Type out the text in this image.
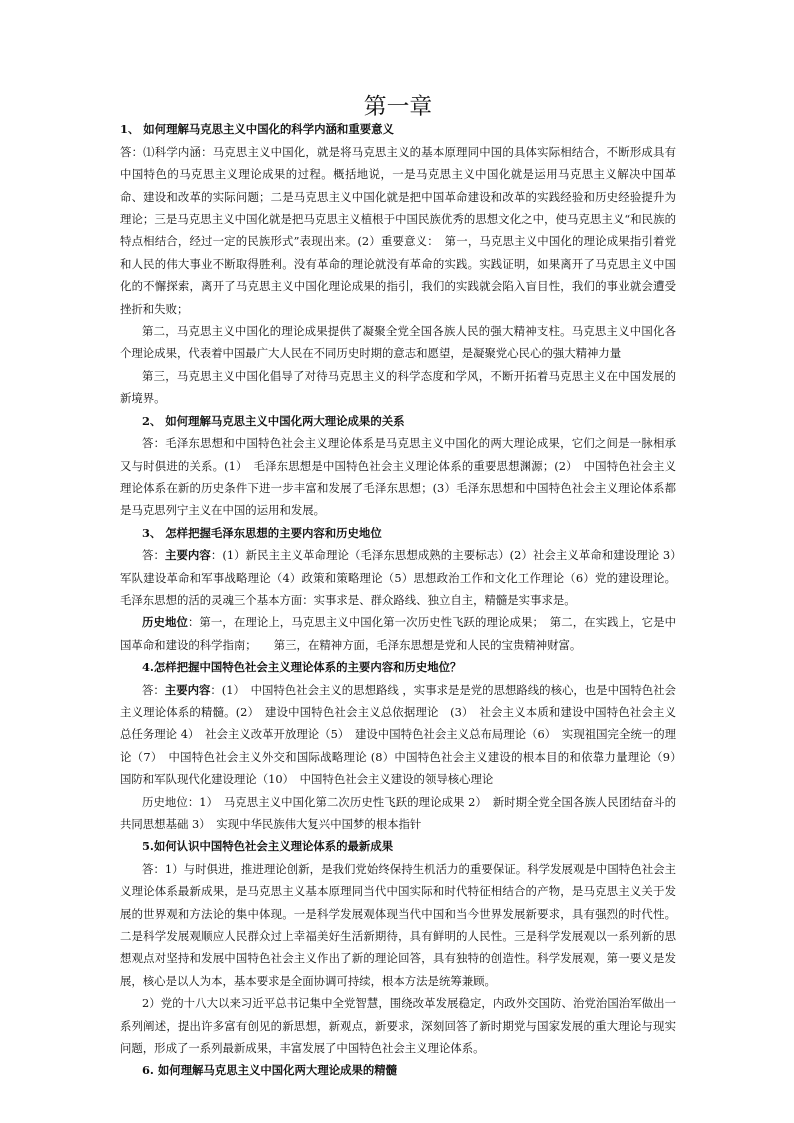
第一章
1、 如何理解马克思主义中国化的科学内涵和重要意义

答：⑴科学内涵：马克思主义中国化，就是将马克思主义的基本原理同中国的具体实际相结合，不断形成具有中国特色的马克思主义理论成果的过程。概括地说，一是马克思主义中国化就是运用马克思主义解决中国革命、建设和改革的实际问题；二是马克思主义中国化就是把中国革命建设和改革的实践经验和历史经验提升为理论；三是马克思主义中国化就是把马克思主义植根于中国民族优秀的思想文化之中，使马克思主义“和民族的特点相结合，经过一定的民族形式”表现出来。(2）重要意义：　第一，马克思主义中国化的理论成果指引着党和人民的伟大事业不断取得胜利。没有革命的理论就没有革命的实践。实践证明，如果离开了马克思主义中国化的不懈探索，离开了马克思主义中国化理论成果的指引，我们的实践就会陷入盲目性，我们的事业就会遭受挫折和失败；

第二，马克思主义中国化的理论成果提供了凝聚全党全国各族人民的强大精神支柱。马克思主义中国化各个理论成果，代表着中国最广大人民在不同历史时期的意志和愿望，是凝聚党心民心的强大精神力量

第三，马克思主义中国化倡导了对待马克思主义的科学态度和学风，不断开拓着马克思主义在中国发展的新境界。

2、 如何理解马克思主义中国化两大理论成果的关系

答：毛泽东思想和中国特色社会主义理论体系是马克思主义中国化的两大理论成果，它们之间是一脉相承又与时俱进的关系。(1）　毛泽东思想是中国特色社会主义理论体系的重要思想渊源；(2）　中国特色社会主义理论体系在新的历史条件下进一步丰富和发展了毛泽东思想；(3）毛泽东思想和中国特色社会主义理论体系都是马克思列宁主义在中国的运用和发展。

3、 怎样把握毛泽东思想的主要内容和历史地位

答：主要内容：(1）新民主主义革命理论（毛泽东思想成熟的主要标志）(2）社会主义革命和建设理论 3）军队建设革命和军事战略理论（4）政策和策略理论（5）思想政治工作和文化工作理论（6）党的建设理论。毛泽东思想的活的灵魂三个基本方面：实事求是、群众路线、独立自主，精髓是实事求是。

历史地位：第一，在理论上，马克思主义中国化第一次历史性飞跃的理论成果；　第二，在实践上，它是中国革命和建设的科学指南；　　第三，在精神方面，毛泽东思想是党和人民的宝贵精神财富。

4.怎样把握中国特色社会主义理论体系的主要内容和历史地位？

答：主要内容：(1）　中国特色社会主义的思想路线 ，实事求是是党的思想路线的核心，也是中国特色社会主义理论体系的精髓。(2）　建设中国特色社会主义总依据理论　(3）　社会主义本质和建设中国特色社会主义总任务理论 4）　社会主义改革开放理论（5）　建设中国特色社会主义总布局理论（6）　实现祖国完全统一的理论（7）　中国特色社会主义外交和国际战略理论 (8）中国特色社会主义建设的根本目的和依靠力量理论（9）　国防和军队现代化建设理论（10）　中国特色社会主义建设的领导核心理论

历史地位：1）　马克思主义中国化第二次历史性飞跃的理论成果 2）　新时期全党全国各族人民团结奋斗的共同思想基础 3）　实现中华民族伟大复兴中国梦的根本指针

5.如何认识中国特色社会主义理论体系的最新成果

答：1）与时俱进，推进理论创新，是我们党始终保持生机活力的重要保证。科学发展观是中国特色社会主义理论体系最新成果，是马克思主义基本原理同当代中国实际和时代特征相结合的产物，是马克思主义关于发展的世界观和方法论的集中体现。一是科学发展观体现当代中国和当今世界发展新要求，具有强烈的时代性。二是科学发展观顺应人民群众过上幸福美好生活新期待，具有鲜明的人民性。三是科学发展观以一系列新的思想观点对坚持和发展中国特色社会主义作出了新的理论回答，具有独特的创造性。科学发展观，第一要义是发展，核心是以人为本，基本要求是全面协调可持续，根本方法是统筹兼顾。

2）党的十八大以来习近平总书记集中全党智慧，围绕改革发展稳定，内政外交国防、治党治国治军做出一系列阐述，提出许多富有创见的新思想，新观点，新要求，深刻回答了新时期党与国家发展的重大理论与现实问题，形成了一系列最新成果，丰富发展了中国特色社会主义理论体系。

6. 如何理解马克思主义中国化两大理论成果的精髓
